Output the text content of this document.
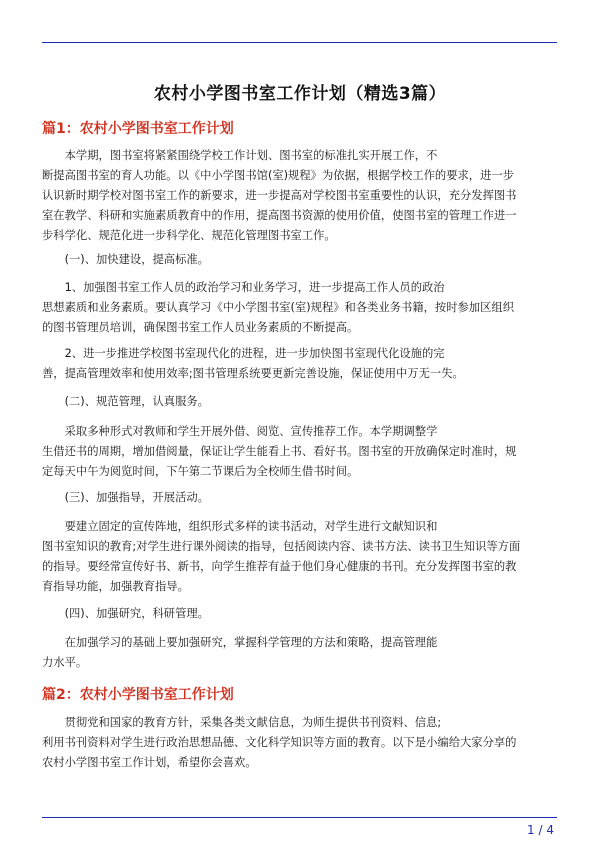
农村小学图书室工作计划（精选3篇）
篇1：农村小学图书室工作计划
　　本学期，图书室将紧紧围绕学校工作计划、图书室的标准扎实开展工作，不
断提高图书室的育人功能。以《中小学图书馆(室)规程》为依据，根据学校工作的要求，进一步
认识新时期学校对图书室工作的新要求，进一步提高对学校图书室重要性的认识，充分发挥图书
室在教学、科研和实施素质教育中的作用，提高图书资源的使用价值，使图书室的管理工作进一
步科学化、规范化进一步科学化、规范化管理图书室工作。
　　(一)、加快建设，提高标准。
　　1、加强图书室工作人员的政治学习和业务学习，进一步提高工作人员的政治
思想素质和业务素质。要认真学习《中小学图书室(室)规程》和各类业务书籍，按时参加区组织
的图书管理员培训，确保图书室工作人员业务素质的不断提高。
　　2、进一步推进学校图书室现代化的进程，进一步加快图书室现代化设施的完
善，提高管理效率和使用效率;图书管理系统要更新完善设施，保证使用中万无一失。
　　(二)、规范管理，认真服务。
　　采取多种形式对教师和学生开展外借、阅览、宣传推荐工作。本学期调整学
生借还书的周期，增加借阅量，保证让学生能看上书、看好书。图书室的开放确保定时准时，规
定每天中午为阅览时间，下午第二节课后为全校师生借书时间。
　　(三)、加强指导，开展活动。
　　要建立固定的宣传阵地，组织形式多样的读书活动，对学生进行文献知识和
图书室知识的教育;对学生进行课外阅读的指导，包括阅读内容、读书方法、读书卫生知识等方面
的指导。要经常宣传好书、新书，向学生推荐有益于他们身心健康的书刊。充分发挥图书室的教
育指导功能，加强教育指导。
　　(四)、加强研究，科研管理。
　　在加强学习的基础上要加强研究，掌握科学管理的方法和策略，提高管理能
力水平。
篇2：农村小学图书室工作计划
　　贯彻党和国家的教育方针，采集各类文献信息，为师生提供书刊资料、信息;
利用书刊资料对学生进行政治思想品德、文化科学知识等方面的教育。以下是小编给大家分享的
农村小学图书室工作计划，希望你会喜欢。
1 / 4
